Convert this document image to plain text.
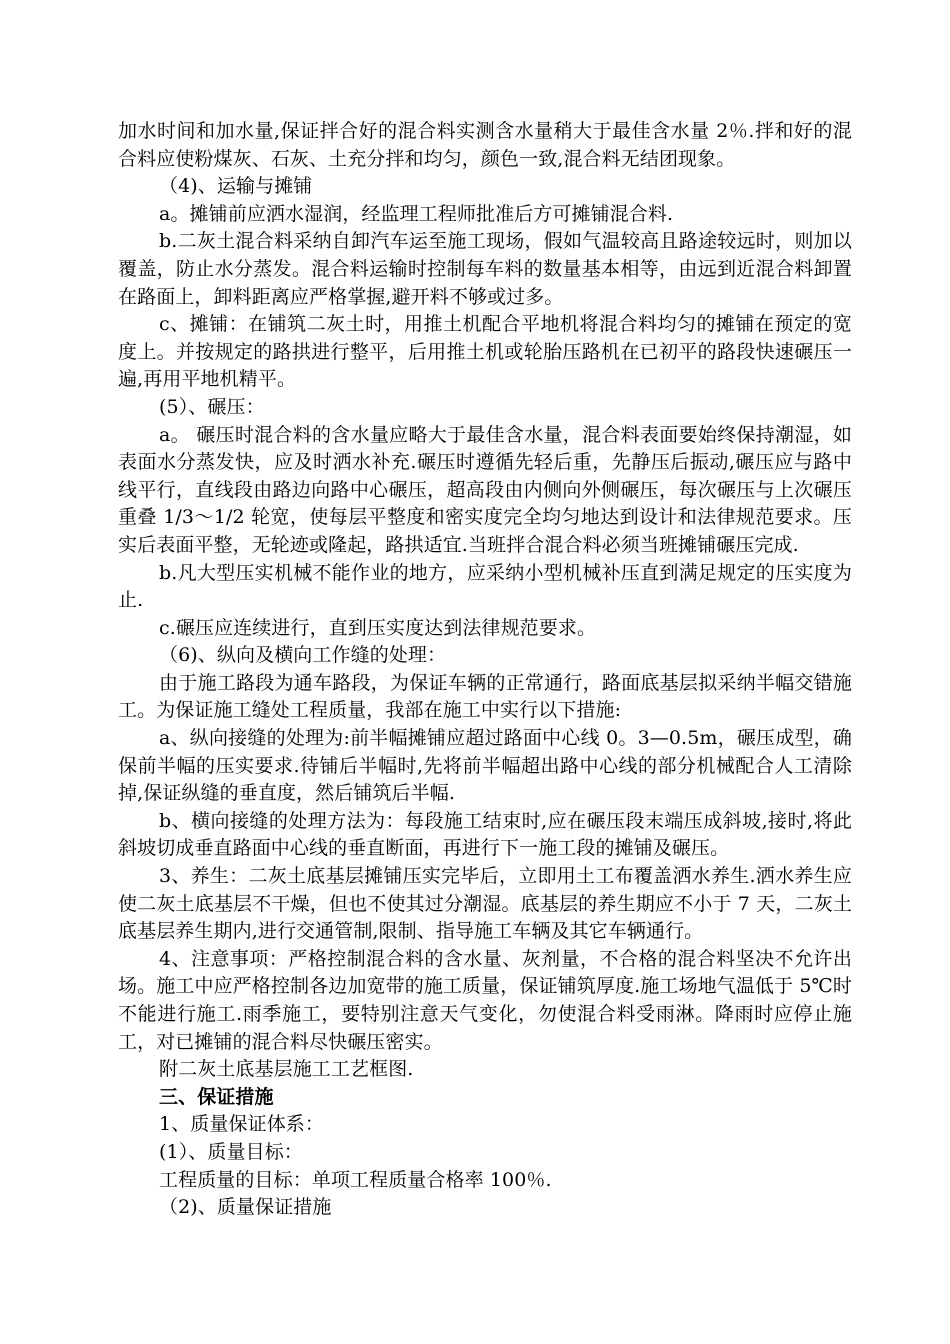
加水时间和加水量,保证拌合好的混合料实测含水量稍大于最佳含水量 2％.拌和好的混合料应使粉煤灰、石灰、土充分拌和均匀，颜色一致,混合料无结团现象。

（4)、运输与摊铺

a。摊铺前应洒水湿润，经监理工程师批准后方可摊铺混合料.

b.二灰土混合料采纳自卸汽车运至施工现场，假如气温较高且路途较远时，则加以覆盖，防止水分蒸发。混合料运输时控制每车料的数量基本相等，由远到近混合料卸置在路面上，卸料距离应严格掌握,避开料不够或过多。

c、摊铺：在铺筑二灰土时，用推土机配合平地机将混合料均匀的摊铺在预定的宽度上。并按规定的路拱进行整平，后用推土机或轮胎压路机在已初平的路段快速碾压一遍,再用平地机精平。

(5）、碾压：

a。 碾压时混合料的含水量应略大于最佳含水量，混合料表面要始终保持潮湿，如表面水分蒸发快，应及时洒水补充.碾压时遵循先轻后重，先静压后振动,碾压应与路中线平行，直线段由路边向路中心碾压，超高段由内侧向外侧碾压，每次碾压与上次碾压重叠 1/3～1/2 轮宽，使每层平整度和密实度完全均匀地达到设计和法律规范要求。压实后表面平整，无轮迹或隆起，路拱适宜.当班拌合混合料必须当班摊铺碾压完成.

b.凡大型压实机械不能作业的地方，应采纳小型机械补压直到满足规定的压实度为止.

c.碾压应连续进行，直到压实度达到法律规范要求。

（6)、纵向及横向工作缝的处理：

由于施工路段为通车路段，为保证车辆的正常通行，路面底基层拟采纳半幅交错施工。为保证施工缝处工程质量，我部在施工中实行以下措施:

a、纵向接缝的处理为:前半幅摊铺应超过路面中心线 0。3—0.5m，碾压成型，确保前半幅的压实要求.待铺后半幅时,先将前半幅超出路中心线的部分机械配合人工清除掉,保证纵缝的垂直度，然后铺筑后半幅.

b、横向接缝的处理方法为：每段施工结束时,应在碾压段末端压成斜坡,接时,将此斜坡切成垂直路面中心线的垂直断面，再进行下一施工段的摊铺及碾压。

3、养生：二灰土底基层摊铺压实完毕后，立即用土工布覆盖洒水养生.洒水养生应使二灰土底基层不干燥，但也不使其过分潮湿。底基层的养生期应不小于 7 天，二灰土底基层养生期内,进行交通管制,限制、指导施工车辆及其它车辆通行。

4、注意事项：严格控制混合料的含水量、灰剂量，不合格的混合料坚决不允许出场。施工中应严格控制各边加宽带的施工质量，保证铺筑厚度.施工场地气温低于 5℃时不能进行施工.雨季施工，要特别注意天气变化，勿使混合料受雨淋。降雨时应停止施工，对已摊铺的混合料尽快碾压密实。

附二灰土底基层施工工艺框图.

三、保证措施

1、质量保证体系：

(1）、质量目标：

工程质量的目标：单项工程质量合格率 100％.

（2)、质量保证措施
